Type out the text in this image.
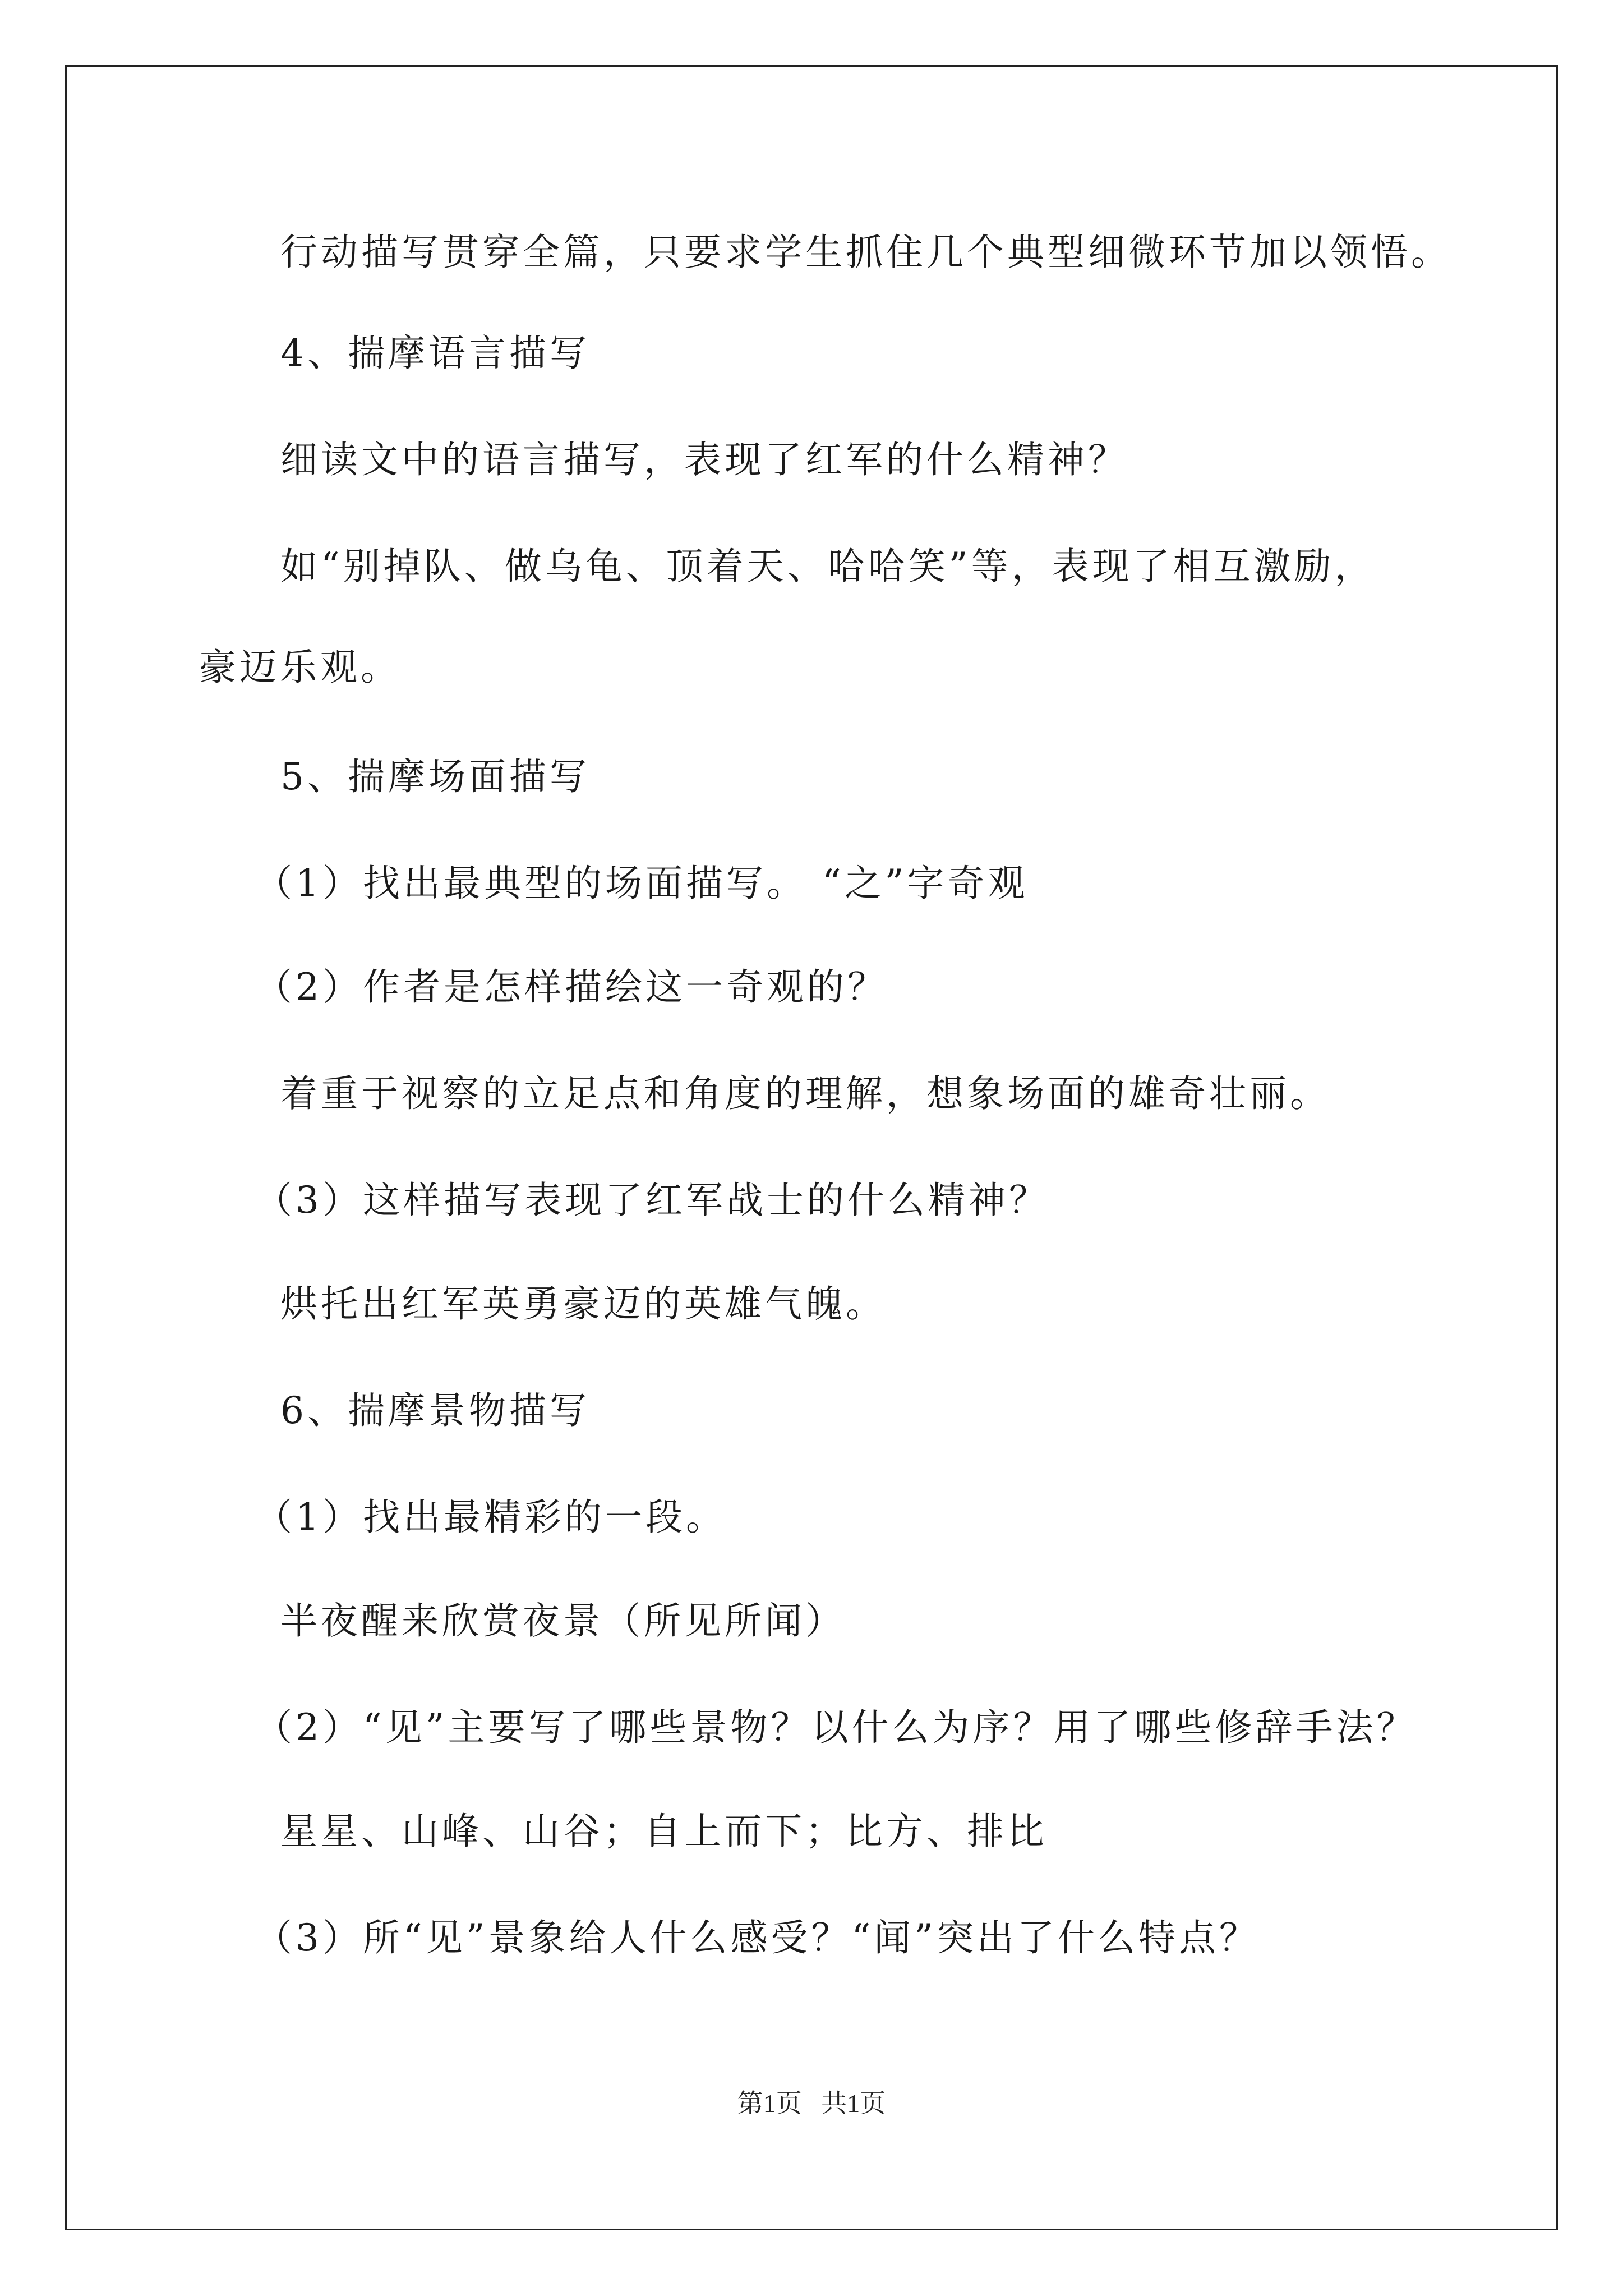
行动描写贯穿全篇，只要求学生抓住几个典型细微环节加以领悟。
4、揣摩语言描写
细读文中的语言描写，表现了红军的什么精神？
如“别掉队、做乌龟、顶着天、哈哈笑”等，表现了相互激励，
豪迈乐观。
5、揣摩场面描写
（1）找出最典型的场面描写。 “之”字奇观
（2）作者是怎样描绘这一奇观的？
着重于视察的立足点和角度的理解，想象场面的雄奇壮丽。
（3）这样描写表现了红军战士的什么精神？
烘托出红军英勇豪迈的英雄气魄。
6、揣摩景物描写
（1）找出最精彩的一段。
半夜醒来欣赏夜景（所见所闻）
（2）“见”主要写了哪些景物？以什么为序？用了哪些修辞手法？
星星、山峰、山谷；自上而下；比方、排比
（3）所“见”景象给人什么感受？“闻”突出了什么特点？
第1页 共1页
